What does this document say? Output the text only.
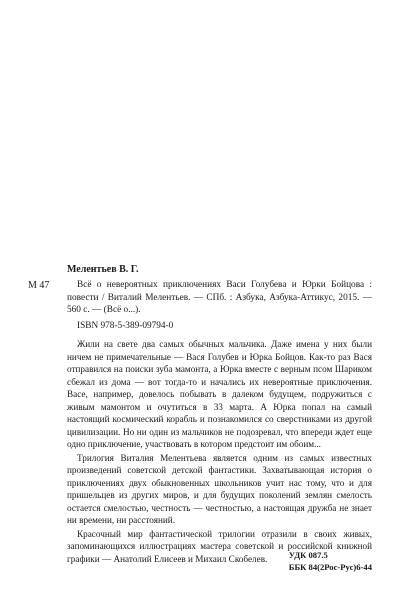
М 47

Мелентьев В. Г.

Всё о невероятных приключениях Васи Голубева и Юрки Бойцова : повести / Виталий Мелентьев. — СПб. : Азбука, Азбука-Аттикус, 2015. — 560 с. — (Всё о...).

ISBN 978-5-389-09794-0

Жили на свете два самых обычных мальчика. Даже имена у них были ничем не примечательные — Вася Голубев и Юрка Бойцов. Как-то раз Вася отправился на поиски зуба мамонта, а Юрка вместе с верным псом Шариком сбежал из дома — вот тогда-то и начались их невероятные приключения. Васе, например, довелось побывать в далеком будущем, подружиться с живым мамонтом и очутиться в 33 марта. А Юрка попал на самый настоящий космический корабль и познакомился со сверстниками из другой цивилизации. Но ни один из мальчиков не подозревал, что впереди ждет еще одно приключение, участвовать в котором предстоит им обоим...

Трилогия Виталия Мелентьева является одним из самых известных произведений советской детской фантастики. Захватывающая история о приключениях двух обыкновенных школьников учит нас тому, что и для пришельцев из других миров, и для будущих поколений землян смелость остается смелостью, честность — честностью, а настоящая дружба не знает ни времени, ни расстояний.

Красочный мир фантастической трилогии отразили в своих живых, запоминающихся иллюстрациях мастера советской и российской книжной графики — Анатолий Елисеев и Михаил Скобелев.	УДК 087.5
ББК 84(2Рос-Рус)6-44
